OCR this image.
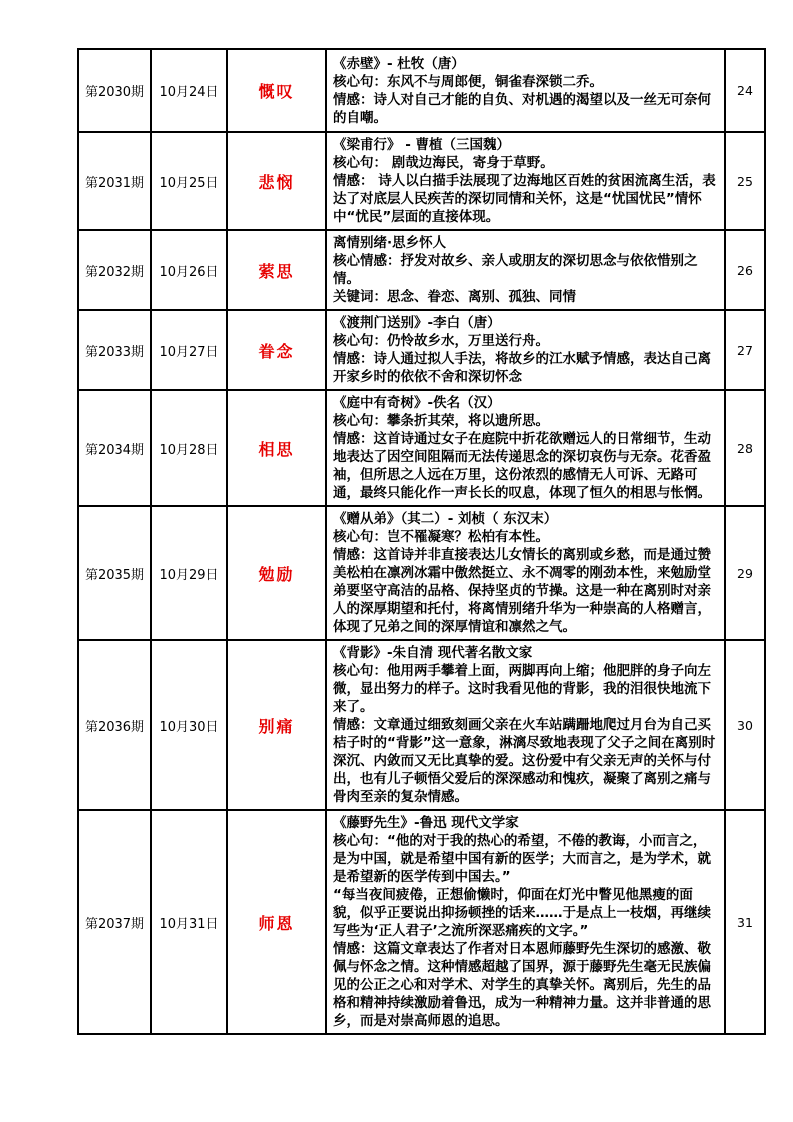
第2030期	10月24日	慨叹	《赤壁》- 杜牧（唐）

核心句：东风不与周郎便，铜雀春深锁二乔。

情感：诗人对自己才能的自负、对机遇的渴望以及一丝无可奈何的自嘲。	24
第2031期	10月25日	悲悯	《梁甫行》 - 曹植（三国魏）

核心句： 剧哉边海民，寄身于草野。

情感： 诗人以白描手法展现了边海地区百姓的贫困流离生活，表达了对底层人民疾苦的深切同情和关怀，这是“忧国忧民”情怀中“忧民”层面的直接体现。	25
第2032期	10月26日	萦思	离情别绪·思乡怀人

核心情感：抒发对故乡、亲人或朋友的深切思念与依依惜别之情。

关键词：思念、眷恋、离别、孤独、同情	26
第2033期	10月27日	眷念	《渡荆门送别》-李白（唐）

核心句：仍怜故乡水，万里送行舟。

情感：诗人通过拟人手法，将故乡的江水赋予情感，表达自己离开家乡时的依依不舍和深切怀念	27
第2034期	10月28日	相思	《庭中有奇树》-佚名（汉）

核心句：攀条折其荣，将以遗所思。

情感：这首诗通过女子在庭院中折花欲赠远人的日常细节，生动地表达了因空间阻隔而无法传递思念的深切哀伤与无奈。花香盈袖，但所思之人远在万里，这份浓烈的感情无人可诉、无路可通，最终只能化作一声长长的叹息，体现了恒久的相思与怅惘。	28
第2035期	10月29日	勉励	《赠从弟》（其二）- 刘桢（ 东汉末）

核心句：岂不罹凝寒？松柏有本性。

情感：这首诗并非直接表达儿女情长的离别或乡愁，而是通过赞美松柏在凛冽冰霜中傲然挺立、永不凋零的刚劲本性，来勉励堂弟要坚守高洁的品格、保持坚贞的节操。这是一种在离别时对亲人的深厚期望和托付，将离情别绪升华为一种崇高的人格赠言，体现了兄弟之间的深厚情谊和凛然之气。	29
第2036期	10月30日	别痛	《背影》-朱自清 现代著名散文家

核心句：他用两手攀着上面，两脚再向上缩；他肥胖的身子向左微，显出努力的样子。这时我看见他的背影，我的泪很快地流下来了。

情感：文章通过细致刻画父亲在火车站蹒跚地爬过月台为自己买桔子时的“背影”这一意象，淋漓尽致地表现了父子之间在离别时深沉、内敛而又无比真挚的爱。这份爱中有父亲无声的关怀与付出，也有儿子顿悟父爱后的深深感动和愧疚，凝聚了离别之痛与骨肉至亲的复杂情感。	30
第2037期	10月31日	师恩	《藤野先生》-鲁迅 现代文学家

核心句：“他的对于我的热心的希望，不倦的教诲，小而言之，是为中国，就是希望中国有新的医学；大而言之，是为学术，就是希望新的医学传到中国去。”

“每当夜间疲倦，正想偷懒时，仰面在灯光中瞥见他黑瘦的面貌，似乎正要说出抑扬顿挫的话来……于是点上一枝烟，再继续写些为‘正人君子’之流所深恶痛疾的文字。”

情感：这篇文章表达了作者对日本恩师藤野先生深切的感激、敬佩与怀念之情。这种情感超越了国界，源于藤野先生毫无民族偏见的公正之心和对学术、对学生的真挚关怀。离别后，先生的品格和精神持续激励着鲁迅，成为一种精神力量。这并非普通的思乡，而是对崇高师恩的追思。	31
